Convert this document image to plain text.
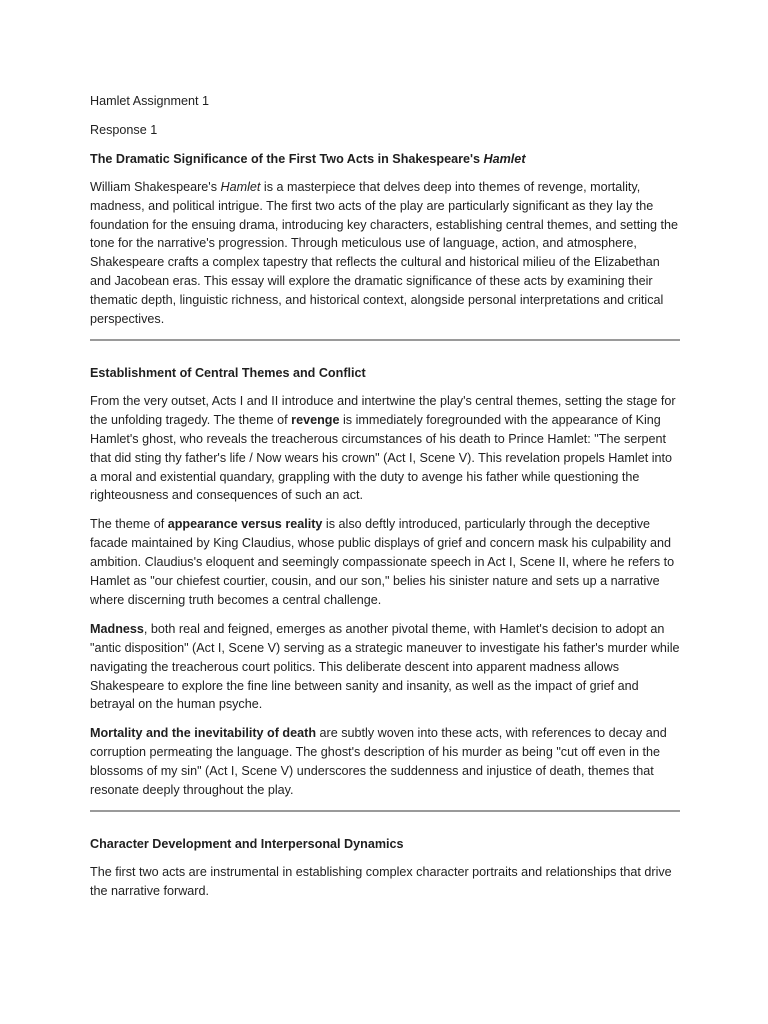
Hamlet Assignment 1

Response 1

The Dramatic Significance of the First Two Acts in Shakespeare's Hamlet

William Shakespeare's Hamlet is a masterpiece that delves deep into themes of revenge, mortality, madness, and political intrigue. The first two acts of the play are particularly significant as they lay the foundation for the ensuing drama, introducing key characters, establishing central themes, and setting the tone for the narrative's progression. Through meticulous use of language, action, and atmosphere, Shakespeare crafts a complex tapestry that reflects the cultural and historical milieu of the Elizabethan and Jacobean eras. This essay will explore the dramatic significance of these acts by examining their thematic depth, linguistic richness, and historical context, alongside personal interpretations and critical perspectives.

Establishment of Central Themes and Conflict

From the very outset, Acts I and II introduce and intertwine the play's central themes, setting the stage for the unfolding tragedy. The theme of revenge is immediately foregrounded with the appearance of King Hamlet's ghost, who reveals the treacherous circumstances of his death to Prince Hamlet: "The serpent that did sting thy father's life / Now wears his crown" (Act I, Scene V). This revelation propels Hamlet into a moral and existential quandary, grappling with the duty to avenge his father while questioning the righteousness and consequences of such an act.

The theme of appearance versus reality is also deftly introduced, particularly through the deceptive facade maintained by King Claudius, whose public displays of grief and concern mask his culpability and ambition. Claudius's eloquent and seemingly compassionate speech in Act I, Scene II, where he refers to Hamlet as "our chiefest courtier, cousin, and our son," belies his sinister nature and sets up a narrative where discerning truth becomes a central challenge.

Madness, both real and feigned, emerges as another pivotal theme, with Hamlet's decision to adopt an "antic disposition" (Act I, Scene V) serving as a strategic maneuver to investigate his father's murder while navigating the treacherous court politics. This deliberate descent into apparent madness allows Shakespeare to explore the fine line between sanity and insanity, as well as the impact of grief and betrayal on the human psyche.

Mortality and the inevitability of death are subtly woven into these acts, with references to decay and corruption permeating the language. The ghost's description of his murder as being "cut off even in the blossoms of my sin" (Act I, Scene V) underscores the suddenness and injustice of death, themes that resonate deeply throughout the play.

Character Development and Interpersonal Dynamics

The first two acts are instrumental in establishing complex character portraits and relationships that drive the narrative forward.
